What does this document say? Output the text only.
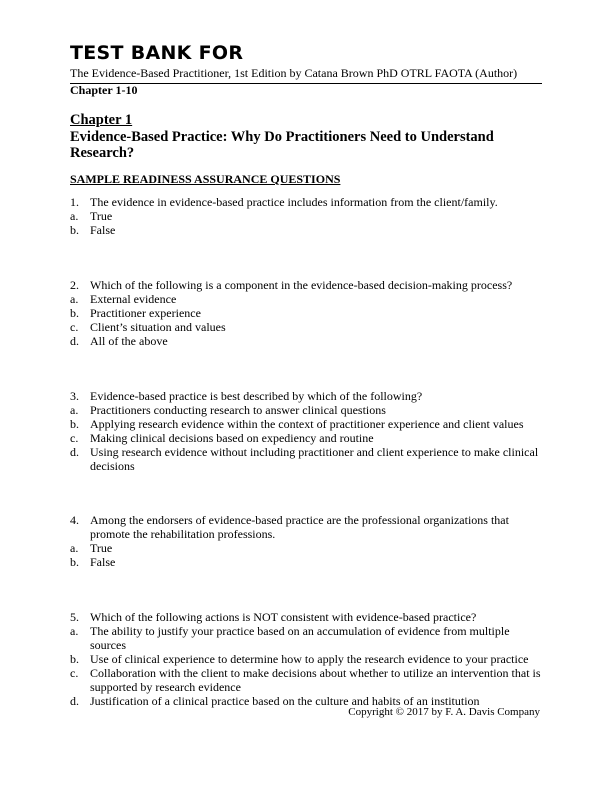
TEST BANK FOR
The Evidence-Based Practitioner, 1st Edition by Catana Brown PhD OTRL FAOTA (Author)
Chapter 1-10
Chapter 1
Evidence-Based Practice: Why Do Practitioners Need to Understand Research?
SAMPLE READINESS ASSURANCE QUESTIONS
1. The evidence in evidence-based practice includes information from the client/family.
a. True
b. False
2. Which of the following is a component in the evidence-based decision-making process?
a. External evidence
b. Practitioner experience
c. Client’s situation and values
d. All of the above
3. Evidence-based practice is best described by which of the following?
a. Practitioners conducting research to answer clinical questions
b. Applying research evidence within the context of practitioner experience and client values
c. Making clinical decisions based on expediency and routine
d. Using research evidence without including practitioner and client experience to make clinical decisions
4. Among the endorsers of evidence-based practice are the professional organizations that promote the rehabilitation professions.
a. True
b. False
5. Which of the following actions is NOT consistent with evidence-based practice?
a. The ability to justify your practice based on an accumulation of evidence from multiple sources
b. Use of clinical experience to determine how to apply the research evidence to your practice
c. Collaboration with the client to make decisions about whether to utilize an intervention that is supported by research evidence
d. Justification of a clinical practice based on the culture and habits of an institution
Copyright © 2017 by F. A. Davis Company
